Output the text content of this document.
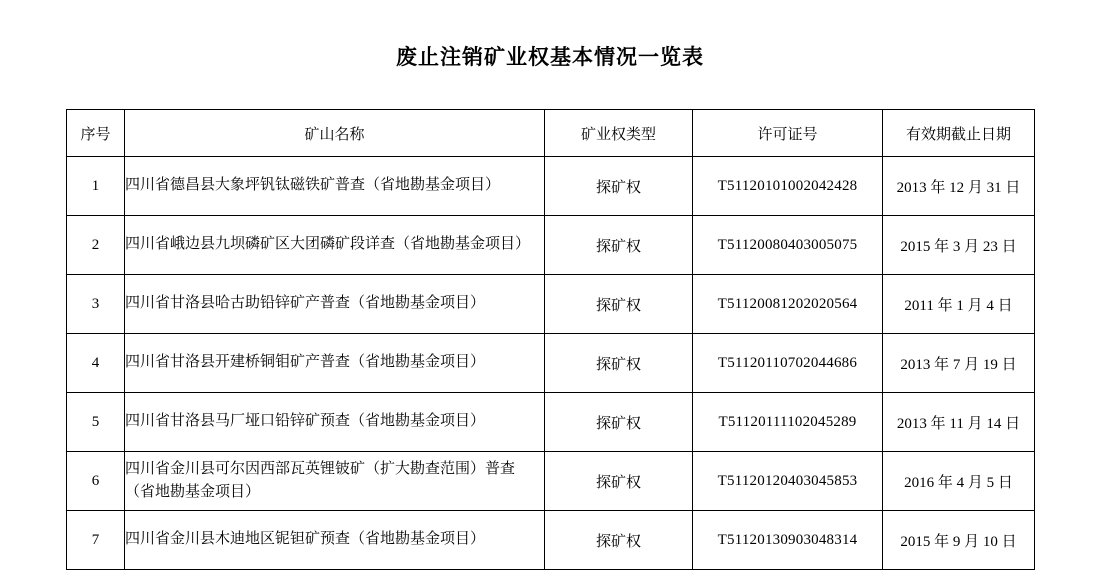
废止注销矿业权基本情况一览表
序号	矿山名称	矿业权类型	许可证号	有效期截止日期
1	四川省德昌县大象坪钒钛磁铁矿普查（省地勘基金项目）	探矿权	T51120101002042428	2013 年 12 月 31 日
2	四川省峨边县九坝磷矿区大团磷矿段详查（省地勘基金项目）	探矿权	T51120080403005075	2015 年 3 月 23 日
3	四川省甘洛县哈古助铅锌矿产普查（省地勘基金项目）	探矿权	T51120081202020564	2011 年 1 月 4 日
4	四川省甘洛县开建桥铜钼矿产普查（省地勘基金项目）	探矿权	T51120110702044686	2013 年 7 月 19 日
5	四川省甘洛县马厂垭口铅锌矿预查（省地勘基金项目）	探矿权	T51120111102045289	2013 年 11 月 14 日
6	四川省金川县可尔因西部瓦英锂铍矿（扩大勘查范围）普查
（省地勘基金项目）	探矿权	T51120120403045853	2016 年 4 月 5 日
7	四川省金川县木迪地区铌钽矿预查（省地勘基金项目）	探矿权	T51120130903048314	2015 年 9 月 10 日
